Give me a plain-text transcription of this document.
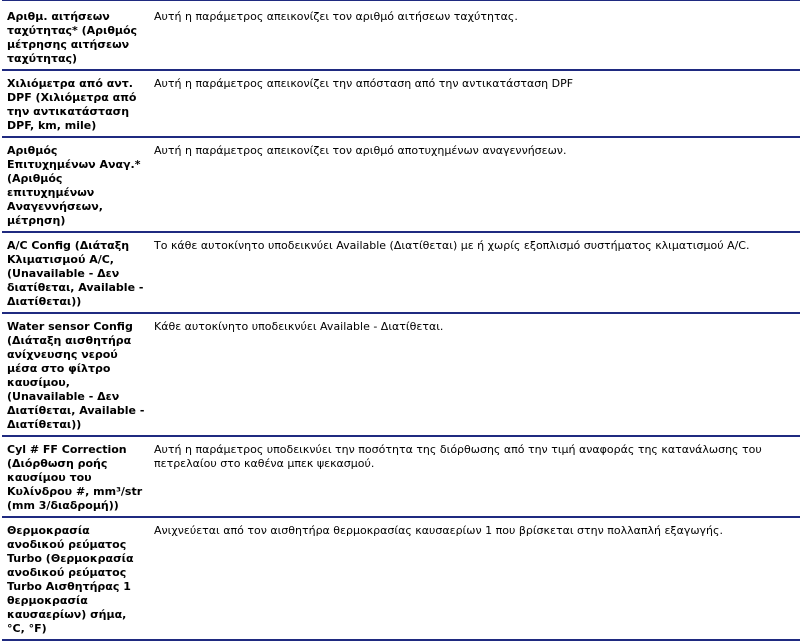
Αριθμ. αιτήσεων ταχύτητας* (Αριθμός μέτρησης αιτήσεων ταχύτητας)	Αυτή η παράμετρος απεικονίζει τον αριθμό αιτήσεων ταχύτητας.
Χιλιόμετρα από αντ. DPF (Χιλιόμετρα από την αντικατάσταση DPF, km, mile)	Αυτή η παράμετρος απεικονίζει την απόσταση από την αντικατάσταση DPF
Αριθμός Επιτυχημένων Αναγ.* (Αριθμός επιτυχημένων Αναγεννήσεων, μέτρηση)	Αυτή η παράμετρος απεικονίζει τον αριθμό αποτυχημένων αναγεννήσεων.
A/C Config (Διάταξη Κλιματισμού A/C, (Unavailable - Δεν διατίθεται, Available - Διατίθεται))	Το κάθε αυτοκίνητο υποδεικνύει Available (Διατίθεται) με ή χωρίς εξοπλισμό συστήματος κλιματισμού A/C.
Water sensor Config (Διάταξη αισθητήρα ανίχνευσης νερού μέσα στο φίλτρο καυσίμου, (Unavailable - Δεν Διατίθεται, Available - Διατίθεται))	Κάθε αυτοκίνητο υποδεικνύει Available - Διατίθεται.
Cyl # FF Correction (Διόρθωση ροής καυσίμου του Κυλίνδρου #, mm³/str (mm 3/διαδρομή))	Αυτή η παράμετρος υποδεικνύει την ποσότητα της διόρθωσης από την τιμή αναφοράς της κατανάλωσης του πετρελαίου στο καθένα μπεκ ψεκασμού.
Θερμοκρασία ανοδικού ρεύματος Turbo (Θερμοκρασία ανοδικού ρεύματος Turbo Αισθητήρας 1 θερμοκρασία καυσαερίων) σήμα, °C, °F)	Ανιχνεύεται από τον αισθητήρα θερμοκρασίας καυσαερίων 1 που βρίσκεται στην πολλαπλή εξαγωγής.
